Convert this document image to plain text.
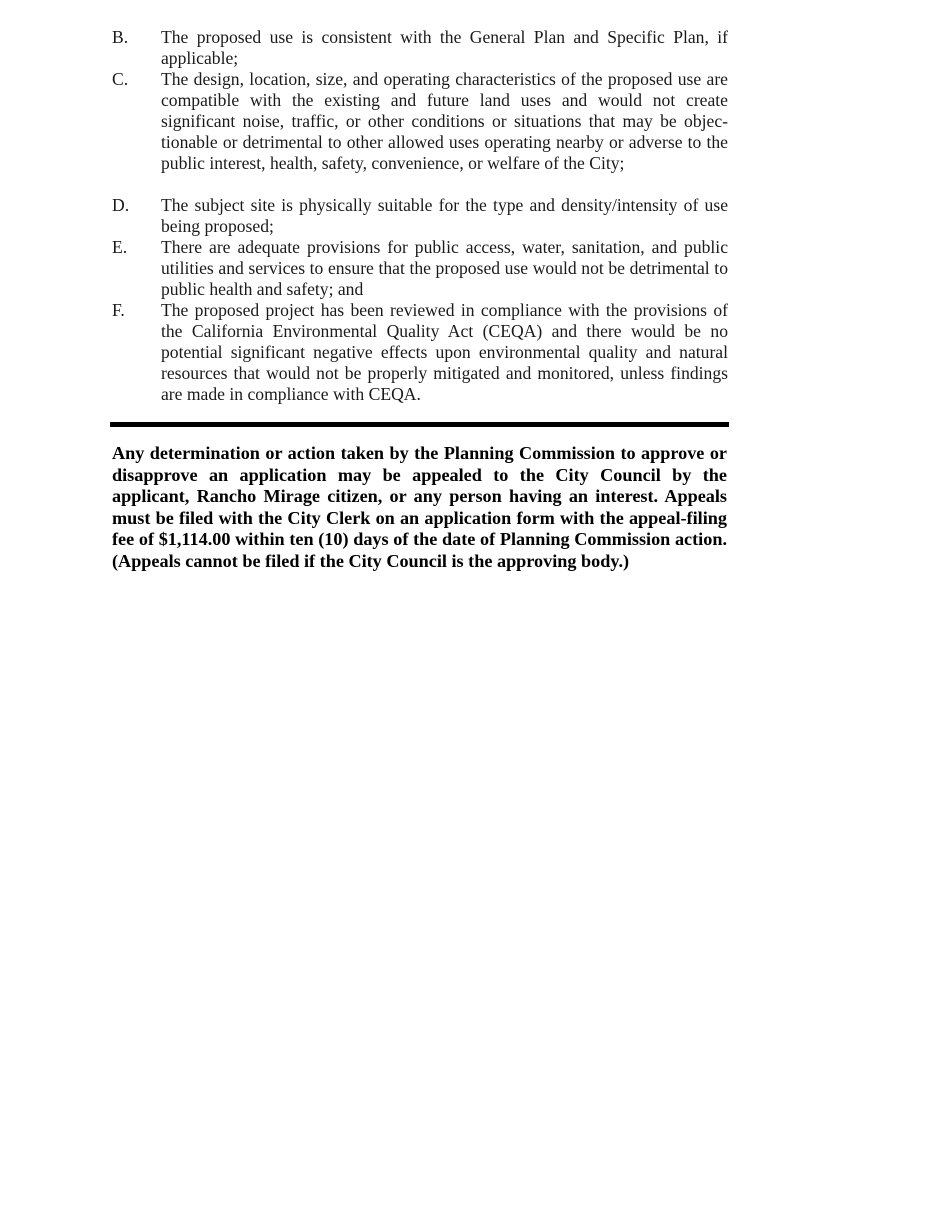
B.	The proposed use is consistent with the General Plan and Specific Plan, if applicable;
C.	The design, location, size, and operating characteristics of the proposed use are compatible with the existing and future land uses and would not create significant noise, traffic, or other conditions or situations that may be objectionable or detrimental to other allowed uses operating nearby or adverse to the public interest, health, safety, convenience, or welfare of the City;
D.	The subject site is physically suitable for the type and density/intensity of use being proposed;
E.	There are adequate provisions for public access, water, sanitation, and public utilities and services to ensure that the proposed use would not be detrimental to public health and safety; and
F.	The proposed project has been reviewed in compliance with the provisions of the California Environmental Quality Act (CEQA) and there would be no potential significant negative effects upon environmental quality and natural resources that would not be properly mitigated and monitored, unless findings are made in compliance with CEQA.

Any determination or action taken by the Planning Commission to approve or disapprove an application may be appealed to the City Council by the applicant, Rancho Mirage citizen, or any person having an interest. Appeals must be filed with the City Clerk on an application form with the appeal-filing fee of $1,114.00 within ten (10) days of the date of Planning Commission action. (Appeals cannot be filed if the City Council is the approving body.)
